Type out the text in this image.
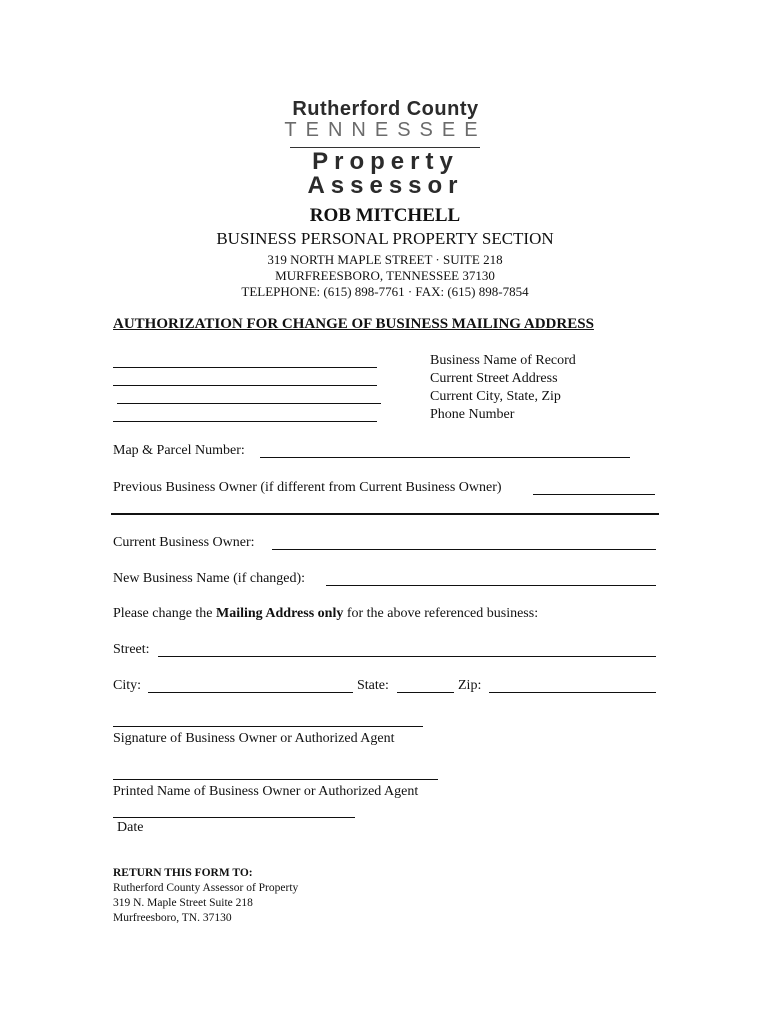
Rutherford County
TENNESSEE
Property
Assessor
ROB MITCHELL
BUSINESS PERSONAL PROPERTY SECTION
319 NORTH MAPLE STREET · SUITE 218
MURFREESBORO, TENNESSEE 37130
TELEPHONE: (615) 898-7761 · FAX: (615) 898-7854
AUTHORIZATION FOR CHANGE OF BUSINESS MAILING ADDRESS
Business Name of Record
Current Street Address
Current City, State, Zip
Phone Number
Map & Parcel Number:
Previous Business Owner (if different from Current Business Owner)
Current Business Owner:
New Business Name (if changed):
Please change the Mailing Address only for the above referenced business:
Street:
City:	State:	Zip:
Signature of Business Owner or Authorized Agent
Printed Name of Business Owner or Authorized Agent
Date
RETURN THIS FORM TO:
Rutherford County Assessor of Property
319 N. Maple Street Suite 218
Murfreesboro, TN. 37130
